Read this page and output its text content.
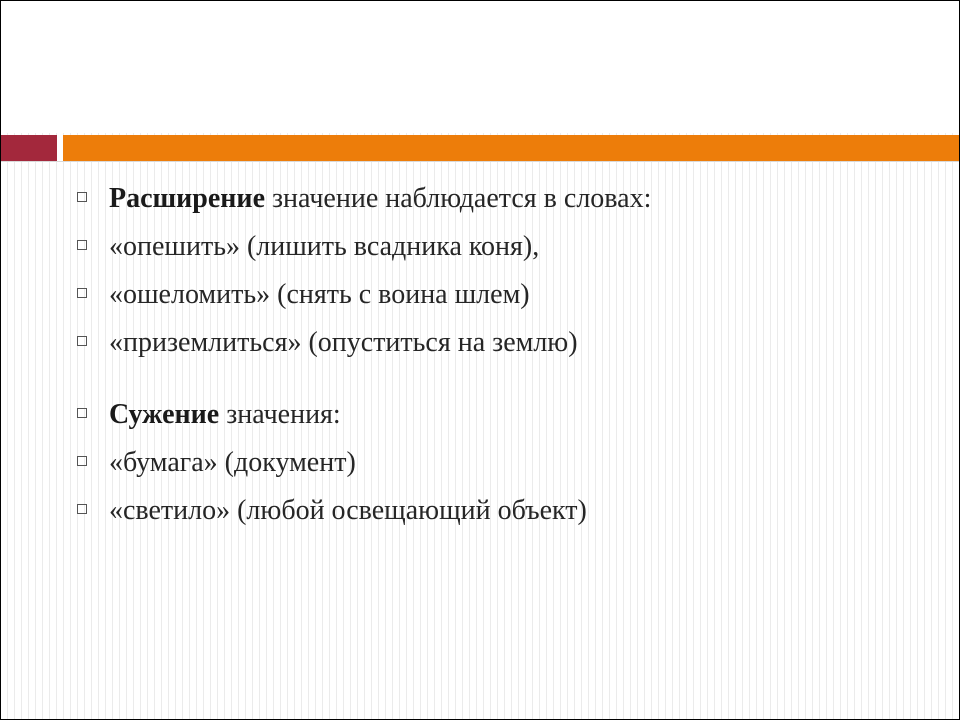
Расширение значение наблюдается в словах:
«опешить» (лишить всадника коня),
«ошеломить» (снять с воина шлем)
«приземлиться» (опуститься на землю)
Сужение значения:
«бумага» (документ)
«светило» (любой освещающий объект)
